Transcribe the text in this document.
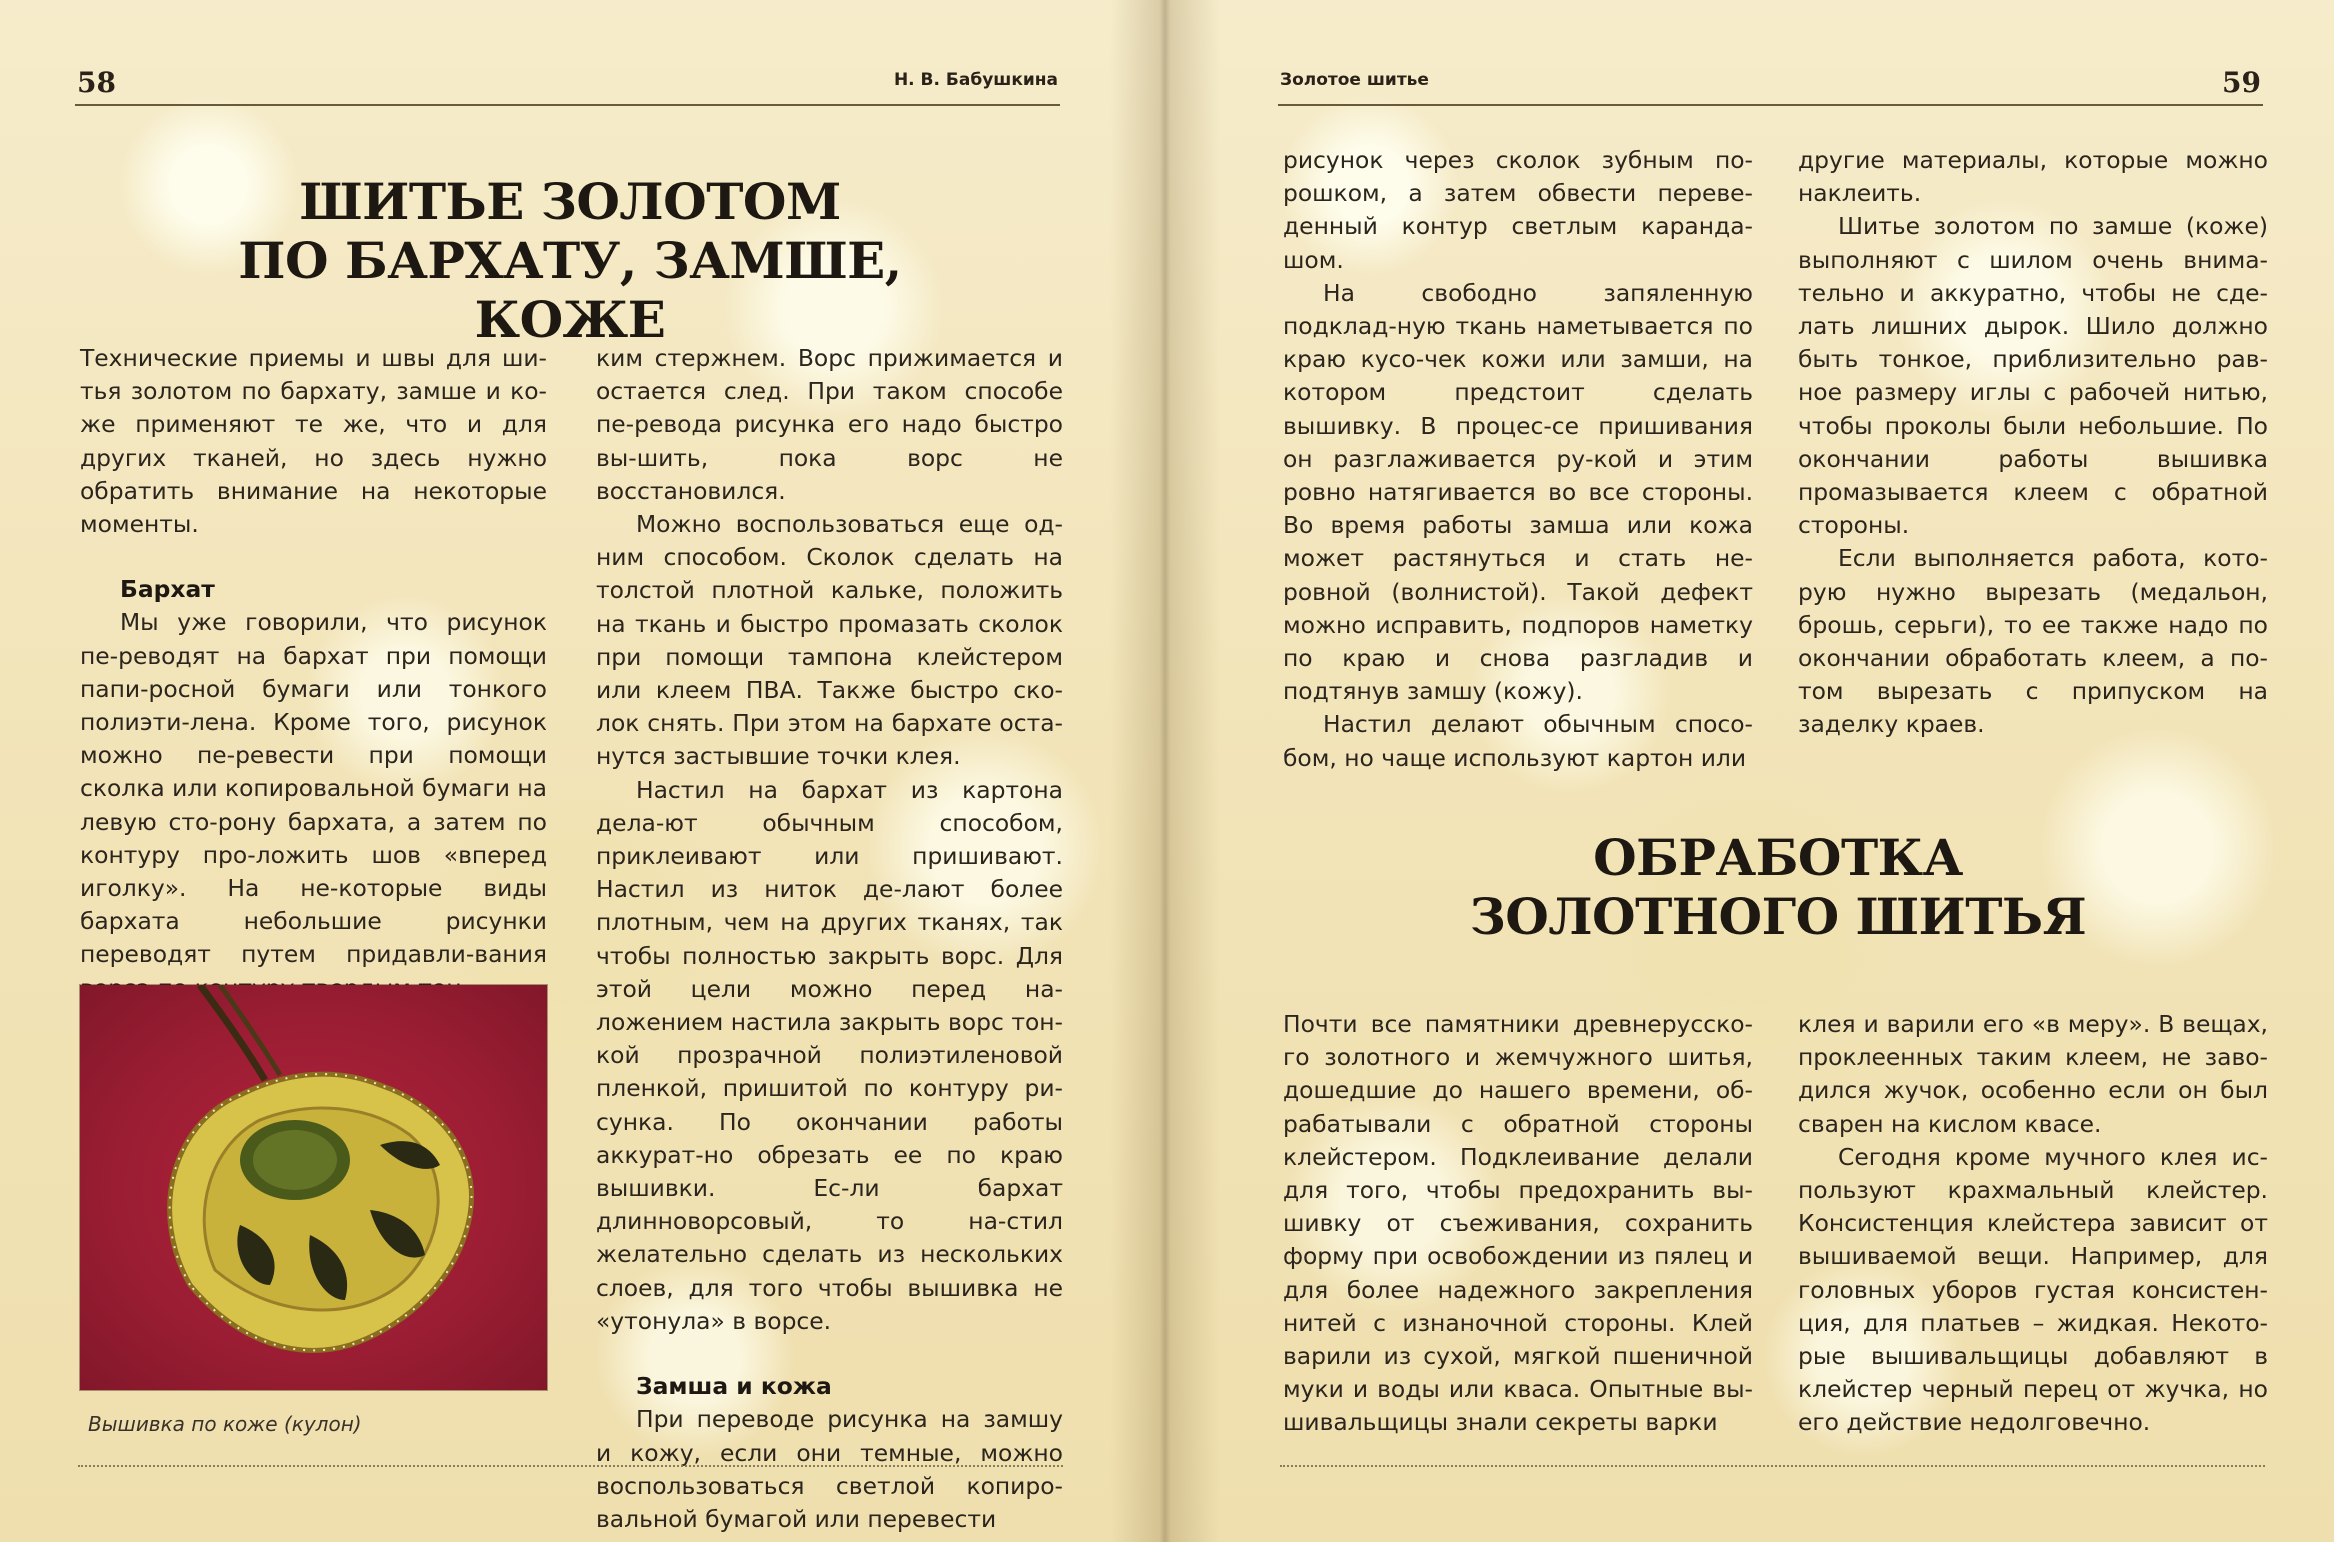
58	Н. В. Бабушкина
ШИТЬЕ ЗОЛОТОМ
ПО БАРХАТУ, ЗАМШЕ, КОЖЕ

Технические приемы и швы для ши-тья золотом по бархату, замше и ко-же применяют те же, что и для других тканей, но здесь нужно обратить внимание на некоторые моменты.

Бархат

Мы уже говорили, что рисунок пе-реводят на бархат при помощи папи-росной бумаги или тонкого полиэти-лена. Кроме того, рисунок можно пе-ревести при помощи сколка или копировальной бумаги на левую сто-рону бархата, а затем по контуру про-ложить шов «вперед иголку». На не-которые виды бархата небольшие рисунки переводят путем придавли-вания

Вышивка по коже (кулон)

ким стержнем. Ворс прижимается и остается след. При таком способе пе-ревода рисунка его надо быстро вы-шить, пока ворс не восстановился.

Можно воспользоваться еще од-ним способом. Сколок сделать на толстой плотной кальке, положить на ткань и быстро промазать сколок при помощи тампона клейстером или клеем ПВА. Также быстро ско-лок снять. При этом на бархате оста-нутся застывшие точки клея.

Настил на бархат из картона дела-ют обычным способом, приклеивают или пришивают. Настил из ниток де-лают более плотным, чем на других тканях, так чтобы полностью закрыть ворс. Для этой цели можно перед на-ложением настила закрыть ворс тон-кой прозрачной полиэтиленовой пленкой, пришитой по контуру ри-сунка. По окончании работы аккурат-но обрезать ее по краю вышивки. Ес-ли бархат длинноворсовый, то на-стил желательно сделать из нескольких слоев, для того чтобы вышивка не «утонула» в ворсе.

Замша и кожа

При переводе рисунка на замшу и кожу, если они темные, можно воспользоваться светлой копиро-вальной бумагой или перевести

Золотое шитье	59

рисунок через сколок зубным по-рошком, а затем обвести переве-денный контур светлым каранда-шом.

На свободно запяленную подклад-ную ткань наметывается по краю кусо-чек кожи или замши, на котором предстоит сделать вышивку. В процес-се пришивания он разглаживается ру-кой и этим ровно натягивается во все стороны. Во время работы замша или кожа может растянуться и стать не-ровной (волнистой). Такой дефект можно исправить, подпоров наметку по краю и снова разгладив и подтянув замшу (кожу).

Настил делают обычным спосо-бом, но чаще используют картон или

другие материалы, которые можно наклеить.

Шитье золотом по замше (коже) выполняют с шилом очень внима-тельно и аккуратно, чтобы не сде-лать лишних дырок. Шило должно быть тонкое, приблизительно рав-ное размеру иглы с рабочей нитью, чтобы проколы были небольшие. По окончании работы вышивка промазывается клеем с обратной стороны.

Если выполняется работа, кото-рую нужно вырезать (медальон, брошь, серьги), то ее также надо по окончании обработать клеем, а по-том вырезать с припуском на заделку краев.

ОБРАБОТКА
ЗОЛОТНОГО ШИТЬЯ

Почти все памятники древнерусско-го золотного и жемчужного шитья, дошедшие до нашего времени, об-рабатывали с обратной стороны клейстером. Подклеивание делали для того, чтобы предохранить вы-шивку от съеживания, сохранить форму при освобождении из пялец и для более надежного закрепления нитей с изнаночной стороны. Клей варили из сухой, мягкой пшеничной муки и воды или кваса. Опытные вы-шивальщицы знали секреты варки

клея и варили его «в меру». В вещах, проклеенных таким клеем, не заво-дился жучок, особенно если он был сварен на кислом квасе.

Сегодня кроме мучного клея ис-пользуют крахмальный клейстер. Консистенция клейстера зависит от вышиваемой вещи. Например, для головных уборов густая консистен-ция, для платьев – жидкая. Некото-рые вышивальщицы добавляют в клейстер черный перец от жучка, но его действие недолговечно.
